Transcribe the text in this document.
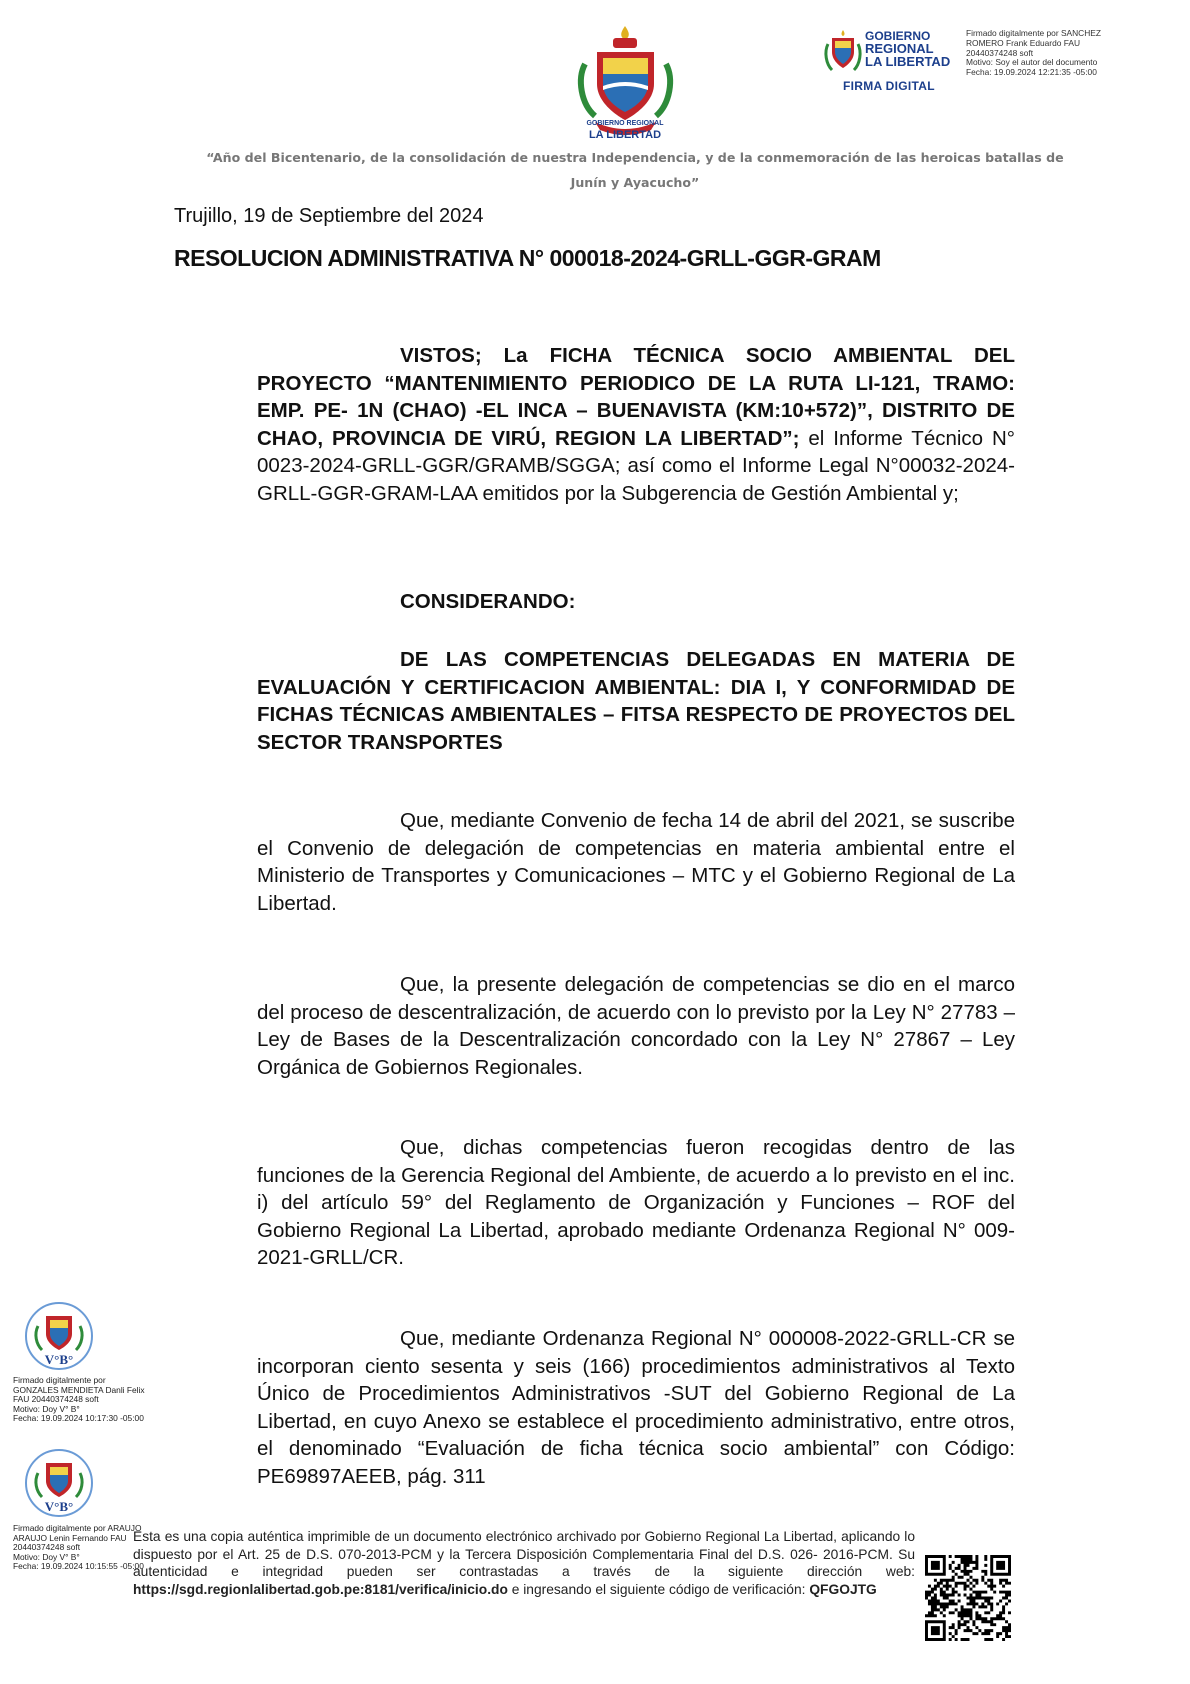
GOBIERNO REGIONAL
LA LIBERTAD
GOBIERNO
REGIONAL
LA LIBERTAD
FIRMA DIGITAL
Firmado digitalmente por SANCHEZ
ROMERO Frank Eduardo FAU
20440374248 soft
Motivo: Soy el autor del documento
Fecha: 19.09.2024 12:21:35 -05:00
“Año del Bicentenario, de la consolidación de nuestra Independencia, y de la conmemoración de las heroicas batallas de Junín y Ayacucho”
Trujillo, 19 de Septiembre del 2024
RESOLUCION ADMINISTRATIVA N° 000018-2024-GRLL-GGR-GRAM

VISTOS; La FICHA TÉCNICA SOCIO AMBIENTAL DEL PROYECTO “MANTENIMIENTO PERIODICO DE LA RUTA LI-121, TRAMO: EMP. PE- 1N (CHAO) -EL INCA – BUENAVISTA (KM:10+572)”, DISTRITO DE CHAO, PROVINCIA DE VIRÚ, REGION LA LIBERTAD”; el Informe Técnico N° 0023-2024-GRLL-GGR/GRAMB/SGGA; así como el Informe Legal N°00032-2024-GRLL-GGR-GRAM-LAA emitidos por la Subgerencia de Gestión Ambiental y;

CONSIDERANDO:

DE LAS COMPETENCIAS DELEGADAS EN MATERIA DE EVALUACIÓN Y CERTIFICACION AMBIENTAL: DIA I, Y CONFORMIDAD DE FICHAS TÉCNICAS AMBIENTALES – FITSA RESPECTO DE PROYECTOS DEL SECTOR TRANSPORTES

Que, mediante Convenio de fecha 14 de abril del 2021, se suscribe el Convenio de delegación de competencias en materia ambiental entre el Ministerio de Transportes y Comunicaciones – MTC y el Gobierno Regional de La Libertad.

Que, la presente delegación de competencias se dio en el marco del proceso de descentralización, de acuerdo con lo previsto por la Ley N° 27783 – Ley de Bases de la Descentralización concordado con la Ley N° 27867 – Ley Orgánica de Gobiernos Regionales.

Que, dichas competencias fueron recogidas dentro de las funciones de la Gerencia Regional del Ambiente, de acuerdo a lo previsto en el inc. i) del artículo 59° del Reglamento de Organización y Funciones – ROF del Gobierno Regional La Libertad, aprobado mediante Ordenanza Regional N° 009-2021-GRLL/CR.

Que, mediante Ordenanza Regional N° 000008-2022-GRLL-CR se incorporan ciento sesenta y seis (166) procedimientos administrativos al Texto Único de Procedimientos Administrativos -SUT del Gobierno Regional de La Libertad, en cuyo Anexo se establece el procedimiento administrativo, entre otros, el denominado “Evaluación de ficha técnica socio ambiental” con Código: PE69897AEEB, pág. 311

V°B°
Firmado digitalmente por
GONZALES MENDIETA Danli Felix
FAU 20440374248 soft
Motivo: Doy V° B°
Fecha: 19.09.2024 10:17:30 -05:00
V°B°
Firmado digitalmente por ARAUJO
ARAUJO Lenin Fernando FAU
20440374248 soft
Motivo: Doy V° B°
Fecha: 19.09.2024 10:15:55 -05:00
Esta es una copia auténtica imprimible de un documento electrónico archivado por Gobierno Regional La Libertad, aplicando lo dispuesto por el Art. 25 de D.S. 070-2013-PCM y la Tercera Disposición Complementaria Final del D.S. 026- 2016-PCM. Su autenticidad e integridad pueden ser contrastadas a través de la siguiente dirección web: https://sgd.regionlalibertad.gob.pe:8181/verifica/inicio.do e ingresando el siguiente código de verificación: QFGOJTG
